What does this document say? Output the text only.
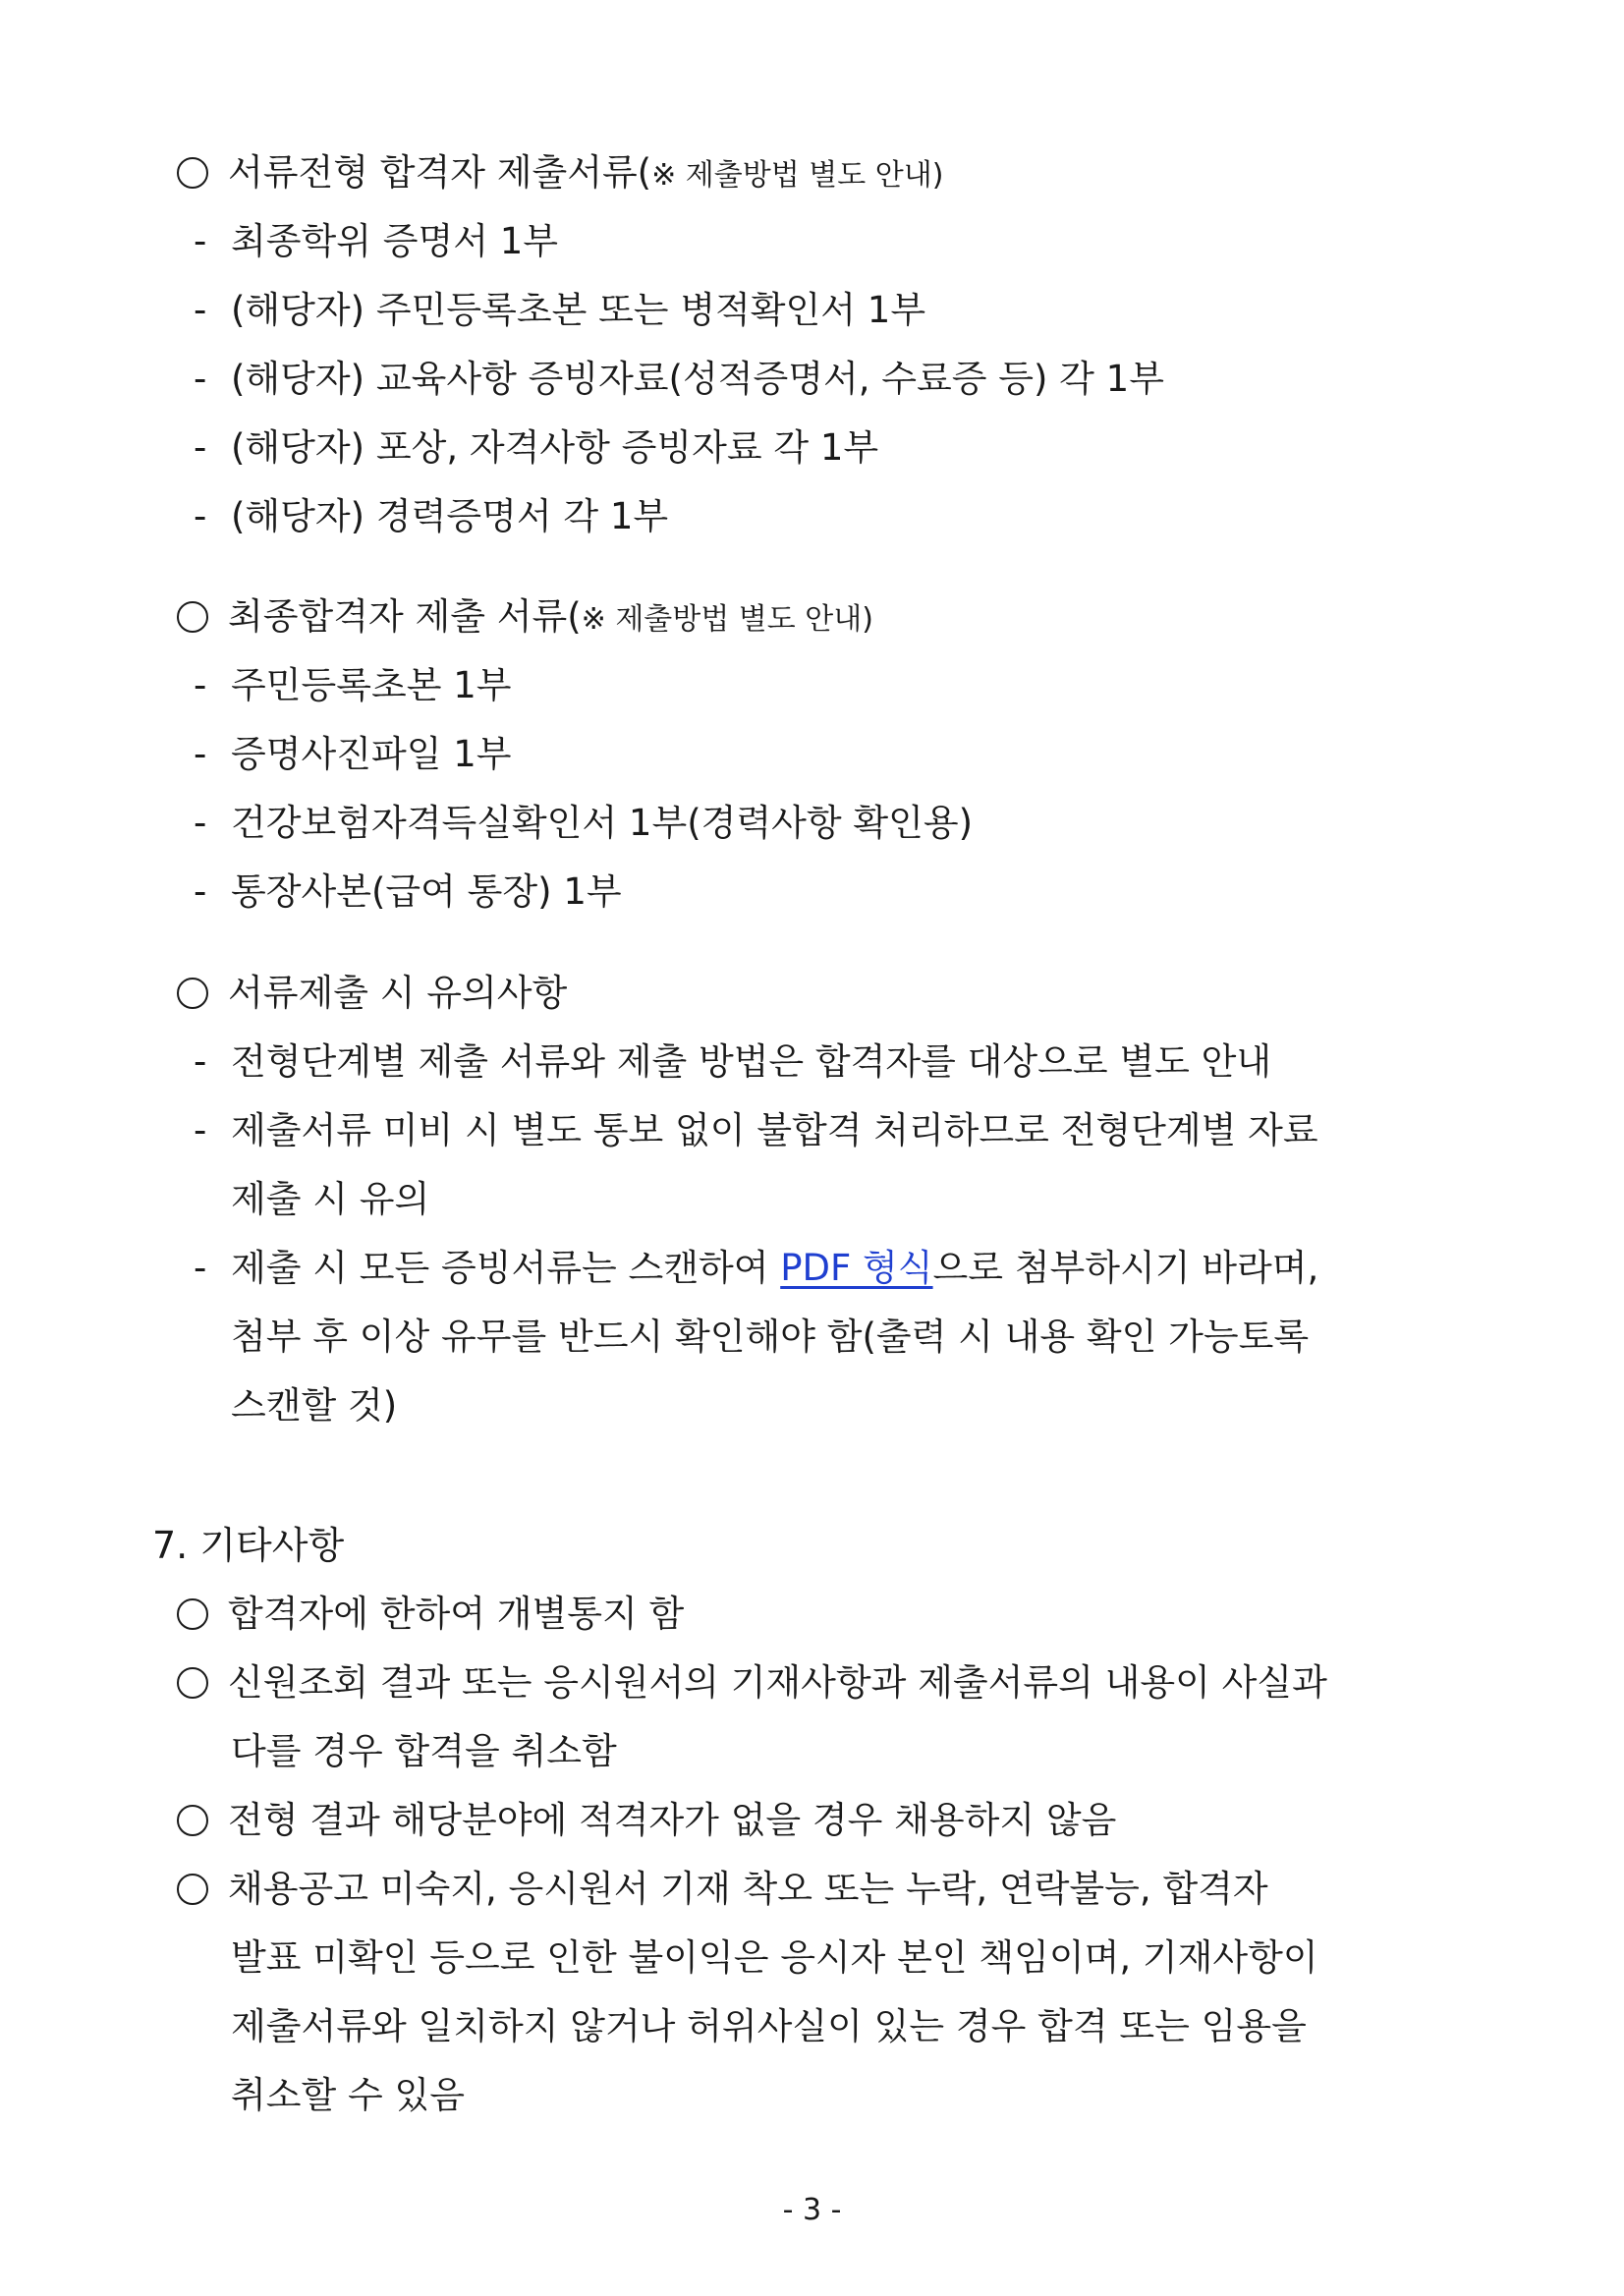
서류전형 합격자 제출서류(※ 제출방법 별도 안내)
- 최종학위 증명서 1부
- (해당자) 주민등록초본 또는 병적확인서 1부
- (해당자) 교육사항 증빙자료(성적증명서, 수료증 등) 각 1부
- (해당자) 포상, 자격사항 증빙자료 각 1부
- (해당자) 경력증명서 각 1부
최종합격자 제출 서류(※ 제출방법 별도 안내)
- 주민등록초본 1부
- 증명사진파일 1부
- 건강보험자격득실확인서 1부(경력사항 확인용)
- 통장사본(급여 통장) 1부
서류제출 시 유의사항
- 전형단계별 제출 서류와 제출 방법은 합격자를 대상으로 별도 안내
- 제출서류 미비 시 별도 통보 없이 불합격 처리하므로 전형단계별 자료
제출 시 유의
- 제출 시 모든 증빙서류는 스캔하여 PDF 형식으로 첨부하시기 바라며,
첨부 후 이상 유무를 반드시 확인해야 함(출력 시 내용 확인 가능토록
스캔할 것)
7. 기타사항
합격자에 한하여 개별통지 함
신원조회 결과 또는 응시원서의 기재사항과 제출서류의 내용이 사실과
다를 경우 합격을 취소함
전형 결과 해당분야에 적격자가 없을 경우 채용하지 않음
채용공고 미숙지, 응시원서 기재 착오 또는 누락, 연락불능, 합격자
발표 미확인 등으로 인한 불이익은 응시자 본인 책임이며, 기재사항이
제출서류와 일치하지 않거나 허위사실이 있는 경우 합격 또는 임용을
취소할 수 있음
- 3 -
